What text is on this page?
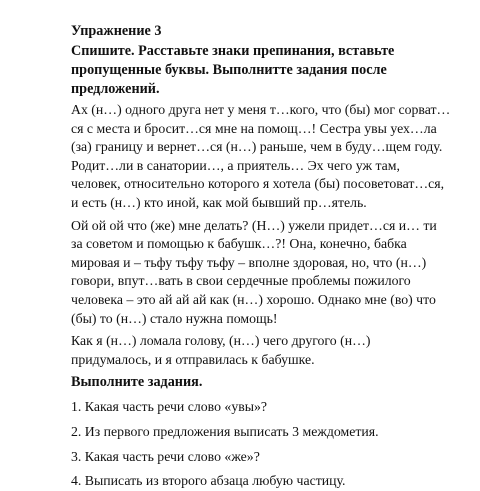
Упражнение 3

Спишите. Расставьте знаки препинания, вставьте пропущенные буквы. Выполнитте задания после предложений.

Ах (н…) одного друга нет у меня т…кого, что (бы) мог сорват…ся с места и бросит…ся мне на помощ…! Сестра увы уех…ла (за) границу и вернет…ся (н…) раньше, чем в буду…щем году. Родит…ли в санатории…, а приятель… Эх чего уж там, человек, относительно которого я хотела (бы) посоветоват…ся, и есть (н…) кто иной, как мой бывший пр…ятель.

Ой ой ой что (же) мне делать? (Н…) ужели придет…ся и… ти за советом и помощью к бабушк…?! Она, конечно, бабка мировая и – тьфу тьфу тьфу – вполне здоровая, но, что (н…) говори, впут…вать в свои сердечные проблемы пожилого человека – это ай ай ай как (н…) хорошо. Однако мне (во) что (бы) то (н…) стало нужна помощь!

Как я (н…) ломала голову, (н…) чего другого (н…) придумалось, и я отправилась к бабушке.

Выполните задания.

1. Какая часть речи слово «увы»?

2. Из первого предложения выписать 3 междометия.

3. Какая часть речи слово «же»?

4. Выписать из второго абзаца любую частицу.
